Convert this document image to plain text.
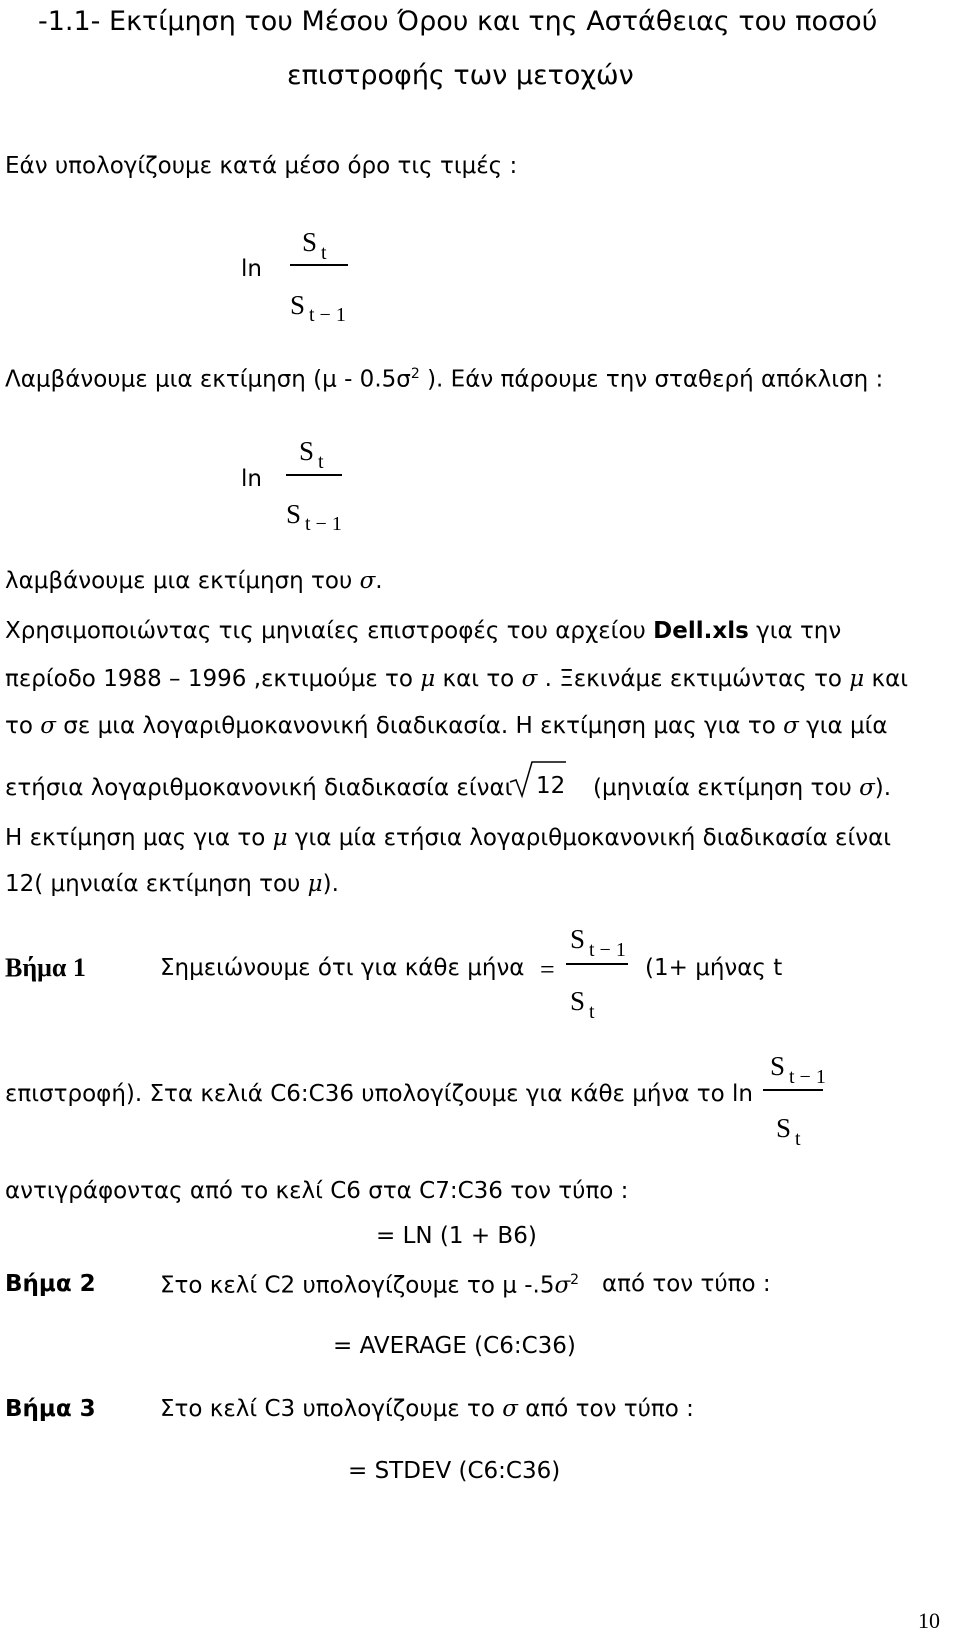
-1.1- Εκτίμηση του Μέσου Όρου και της Αστάθειας του ποσού
επιστροφής των μετοχών
Εάν υπολογίζουμε κατά μέσο όρο τις τιμές :
ln
S t
S t − 1
Λαμβάνουμε μια εκτίμηση ($\mu - 0.5\sigma^2$ ). Εάν πάρουμε την σταθερή απόκλιση :
ln
S t
S t − 1
λαμβάνουμε μια εκτίμηση του σ.
Χρησιμοποιώντας τις μηνιαίες επιστροφές του αρχείου Dell.xls για την
περίοδο 1988 – 1996 ,εκτιμούμε το μ και το σ . Ξεκινάμε εκτιμώντας το μ και
το σ σε μια λογαριθμοκανονική διαδικασία. Η εκτίμηση μας για το σ για μία
ετήσια λογαριθμοκανονική διαδικασία είναι 12 (μηνιαία εκτίμηση του σ).
Η εκτίμηση μας για το μ για μία ετήσια λογαριθμοκανονική διαδικασία είναι
12( μηνιαία εκτίμηση του μ).
Βήμα 1	Σημειώνουμε ότι για κάθε μήνα =
S t − 1
S t
(1+ μήνας t
επιστροφή). Στα κελιά C6:C36 υπολογίζουμε για κάθε μήνα το ln
S t − 1
S t
αντιγράφοντας από το κελί C6 στα C7:C36 τον τύπο :
= LN (1 + B6)
Βήμα 2	Στο κελί C2 υπολογίζουμε το μ $-.5\sigma^2$ από τον τύπο :
= AVERAGE (C6:C36)
Βήμα 3	Στο κελί C3 υπολογίζουμε το σ από τον τύπο :
= STDEV (C6:C36)
10
